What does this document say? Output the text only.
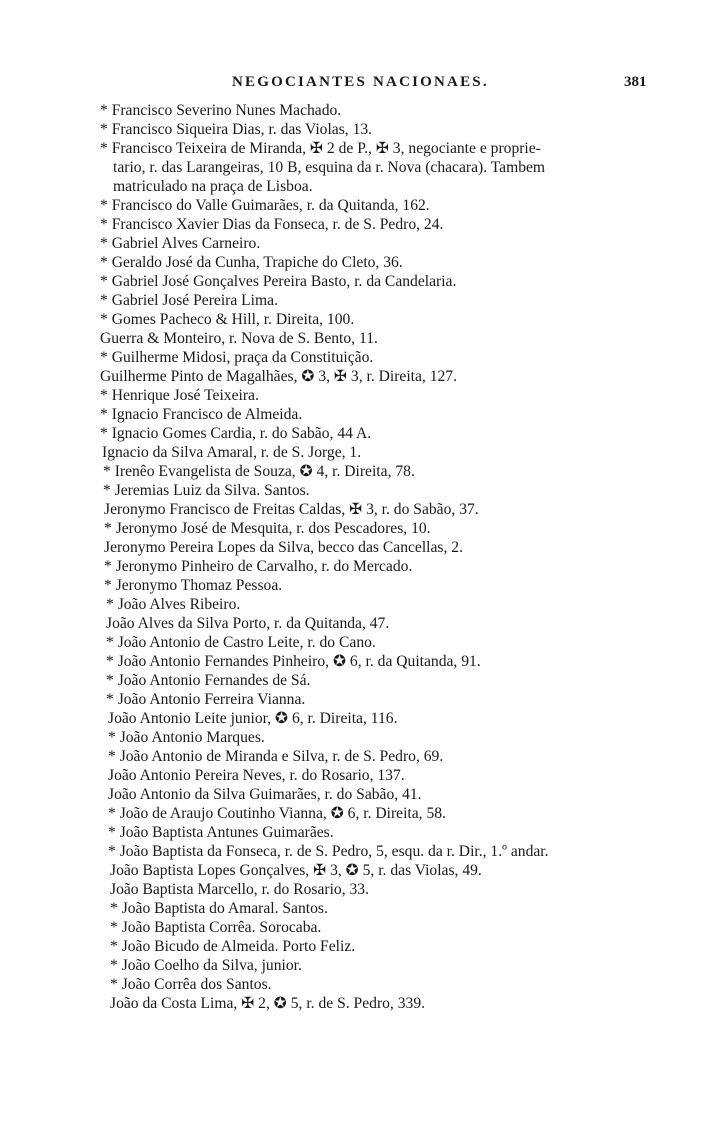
NEGOCIANTES NACIONAES.	381
* Francisco Severino Nunes Machado.
* Francisco Siqueira Dias, r. das Violas, 13.
* Francisco Teixeira de Miranda, ✠ 2 de P., ✠ 3, negociante e proprie-
tario, r. das Larangeiras, 10 B, esquina da r. Nova (chacara). Tambem
matriculado na praça de Lisboa.
* Francisco do Valle Guimarães, r. da Quitanda, 162.
* Francisco Xavier Dias da Fonseca, r. de S. Pedro, 24.
* Gabriel Alves Carneiro.
* Geraldo José da Cunha, Trapiche do Cleto, 36.
* Gabriel José Gonçalves Pereira Basto, r. da Candelaria.
* Gabriel José Pereira Lima.
* Gomes Pacheco & Hill, r. Direita, 100.
Guerra & Monteiro, r. Nova de S. Bento, 11.
* Guilherme Midosi, praça da Constituição.
Guilherme Pinto de Magalhães, ✪ 3, ✠ 3, r. Direita, 127.
* Henrique José Teixeira.
* Ignacio Francisco de Almeida.
* Ignacio Gomes Cardia, r. do Sabão, 44 A.
Ignacio da Silva Amaral, r. de S. Jorge, 1.
* Irenêo Evangelista de Souza, ✪ 4, r. Direita, 78.
* Jeremias Luiz da Silva. Santos.
Jeronymo Francisco de Freitas Caldas, ✠ 3, r. do Sabão, 37.
* Jeronymo José de Mesquita, r. dos Pescadores, 10.
Jeronymo Pereira Lopes da Silva, becco das Cancellas, 2.
* Jeronymo Pinheiro de Carvalho, r. do Mercado.
* Jeronymo Thomaz Pessoa.
* João Alves Ribeiro.
João Alves da Silva Porto, r. da Quitanda, 47.
* João Antonio de Castro Leite, r. do Cano.
* João Antonio Fernandes Pinheiro, ✪ 6, r. da Quitanda, 91.
* João Antonio Fernandes de Sá.
* João Antonio Ferreira Vianna.
João Antonio Leite junior, ✪ 6, r. Direita, 116.
* João Antonio Marques.
* João Antonio de Miranda e Silva, r. de S. Pedro, 69.
João Antonio Pereira Neves, r. do Rosario, 137.
João Antonio da Silva Guimarães, r. do Sabão, 41.
* João de Araujo Coutinho Vianna, ✪ 6, r. Direita, 58.
* João Baptista Antunes Guimarães.
* João Baptista da Fonseca, r. de S. Pedro, 5, esqu. da r. Dir., 1.º andar.
João Baptista Lopes Gonçalves, ✠ 3, ✪ 5, r. das Violas, 49.
João Baptista Marcello, r. do Rosario, 33.
* João Baptista do Amaral. Santos.
* João Baptista Corrêa. Sorocaba.
* João Bicudo de Almeida. Porto Feliz.
* João Coelho da Silva, junior.
* João Corrêa dos Santos.
João da Costa Lima, ✠ 2, ✪ 5, r. de S. Pedro, 339.
